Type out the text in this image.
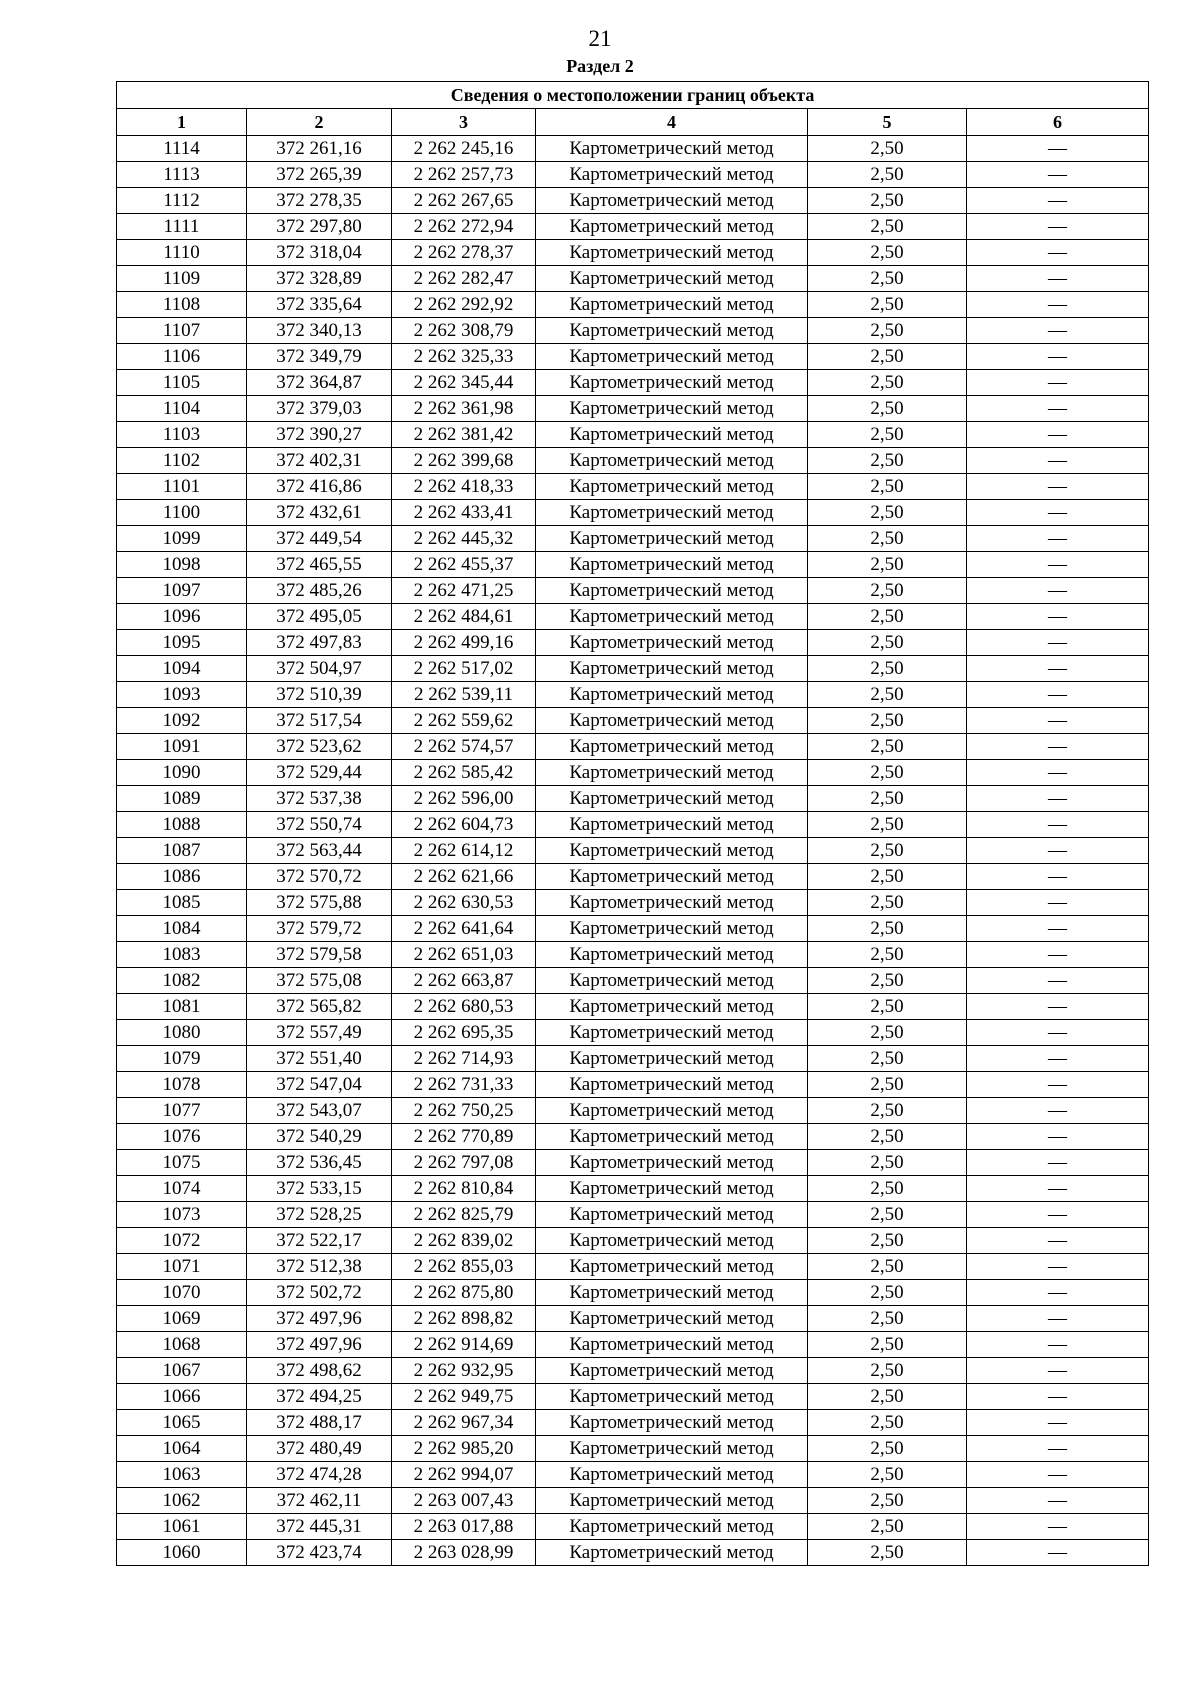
21
Раздел 2
Сведения о местоположении границ объекта					
1	2	3	4	5	6
1114	372 261,16	2 262 245,16	Картометрический метод	2,50	—
1113	372 265,39	2 262 257,73	Картометрический метод	2,50	—
1112	372 278,35	2 262 267,65	Картометрический метод	2,50	—
1111	372 297,80	2 262 272,94	Картометрический метод	2,50	—
1110	372 318,04	2 262 278,37	Картометрический метод	2,50	—
1109	372 328,89	2 262 282,47	Картометрический метод	2,50	—
1108	372 335,64	2 262 292,92	Картометрический метод	2,50	—
1107	372 340,13	2 262 308,79	Картометрический метод	2,50	—
1106	372 349,79	2 262 325,33	Картометрический метод	2,50	—
1105	372 364,87	2 262 345,44	Картометрический метод	2,50	—
1104	372 379,03	2 262 361,98	Картометрический метод	2,50	—
1103	372 390,27	2 262 381,42	Картометрический метод	2,50	—
1102	372 402,31	2 262 399,68	Картометрический метод	2,50	—
1101	372 416,86	2 262 418,33	Картометрический метод	2,50	—
1100	372 432,61	2 262 433,41	Картометрический метод	2,50	—
1099	372 449,54	2 262 445,32	Картометрический метод	2,50	—
1098	372 465,55	2 262 455,37	Картометрический метод	2,50	—
1097	372 485,26	2 262 471,25	Картометрический метод	2,50	—
1096	372 495,05	2 262 484,61	Картометрический метод	2,50	—
1095	372 497,83	2 262 499,16	Картометрический метод	2,50	—
1094	372 504,97	2 262 517,02	Картометрический метод	2,50	—
1093	372 510,39	2 262 539,11	Картометрический метод	2,50	—
1092	372 517,54	2 262 559,62	Картометрический метод	2,50	—
1091	372 523,62	2 262 574,57	Картометрический метод	2,50	—
1090	372 529,44	2 262 585,42	Картометрический метод	2,50	—
1089	372 537,38	2 262 596,00	Картометрический метод	2,50	—
1088	372 550,74	2 262 604,73	Картометрический метод	2,50	—
1087	372 563,44	2 262 614,12	Картометрический метод	2,50	—
1086	372 570,72	2 262 621,66	Картометрический метод	2,50	—
1085	372 575,88	2 262 630,53	Картометрический метод	2,50	—
1084	372 579,72	2 262 641,64	Картометрический метод	2,50	—
1083	372 579,58	2 262 651,03	Картометрический метод	2,50	—
1082	372 575,08	2 262 663,87	Картометрический метод	2,50	—
1081	372 565,82	2 262 680,53	Картометрический метод	2,50	—
1080	372 557,49	2 262 695,35	Картометрический метод	2,50	—
1079	372 551,40	2 262 714,93	Картометрический метод	2,50	—
1078	372 547,04	2 262 731,33	Картометрический метод	2,50	—
1077	372 543,07	2 262 750,25	Картометрический метод	2,50	—
1076	372 540,29	2 262 770,89	Картометрический метод	2,50	—
1075	372 536,45	2 262 797,08	Картометрический метод	2,50	—
1074	372 533,15	2 262 810,84	Картометрический метод	2,50	—
1073	372 528,25	2 262 825,79	Картометрический метод	2,50	—
1072	372 522,17	2 262 839,02	Картометрический метод	2,50	—
1071	372 512,38	2 262 855,03	Картометрический метод	2,50	—
1070	372 502,72	2 262 875,80	Картометрический метод	2,50	—
1069	372 497,96	2 262 898,82	Картометрический метод	2,50	—
1068	372 497,96	2 262 914,69	Картометрический метод	2,50	—
1067	372 498,62	2 262 932,95	Картометрический метод	2,50	—
1066	372 494,25	2 262 949,75	Картометрический метод	2,50	—
1065	372 488,17	2 262 967,34	Картометрический метод	2,50	—
1064	372 480,49	2 262 985,20	Картометрический метод	2,50	—
1063	372 474,28	2 262 994,07	Картометрический метод	2,50	—
1062	372 462,11	2 263 007,43	Картометрический метод	2,50	—
1061	372 445,31	2 263 017,88	Картометрический метод	2,50	—
1060	372 423,74	2 263 028,99	Картометрический метод	2,50	—
